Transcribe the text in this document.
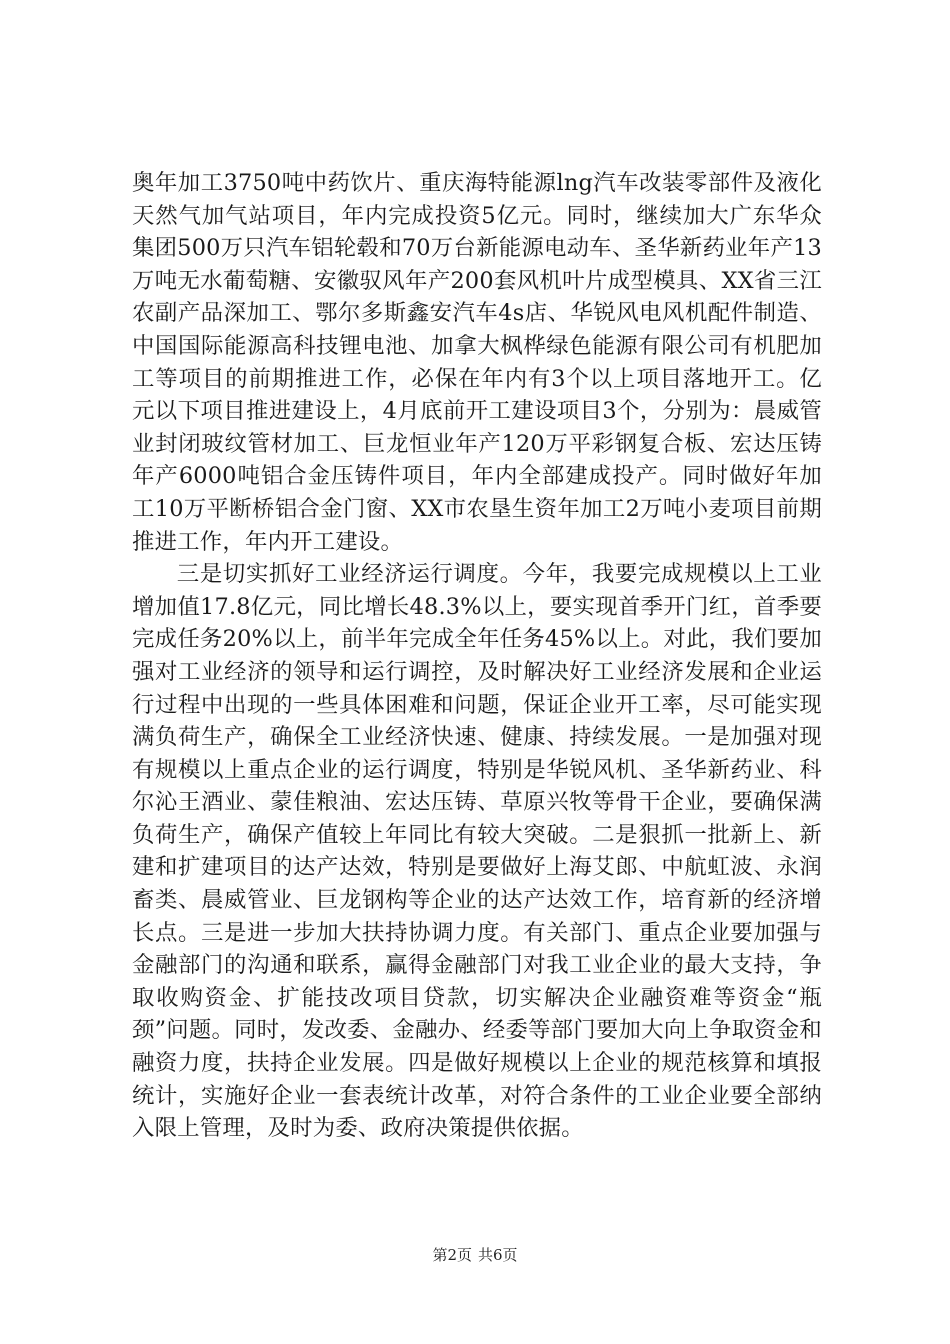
奥年加工3750吨中药饮片、重庆海特能源lng汽车改装零部件及液化天然气加气站项目，年内完成投资5亿元。同时，继续加大广东华众集团500万只汽车铝轮毂和70万台新能源电动车、圣华新药业年产13万吨无水葡萄糖、安徽驭风年产200套风机叶片成型模具、XX省三江农副产品深加工、鄂尔多斯鑫安汽车4s店、华锐风电风机配件制造、中国国际能源高科技锂电池、加拿大枫桦绿色能源有限公司有机肥加工等项目的前期推进工作，必保在年内有3个以上项目落地开工。亿元以下项目推进建设上，4月底前开工建设项目3个，分别为：晨威管业封闭玻纹管材加工、巨龙恒业年产120万平彩钢复合板、宏达压铸年产6000吨铝合金压铸件项目，年内全部建成投产。同时做好年加工10万平断桥铝合金门窗、XX市农垦生资年加工2万吨小麦项目前期推进工作，年内开工建设。

三是切实抓好工业经济运行调度。今年，我要完成规模以上工业增加值17.8亿元，同比增长48.3%以上，要实现首季开门红，首季要完成任务20%以上，前半年完成全年任务45%以上。对此，我们要加强对工业经济的领导和运行调控，及时解决好工业经济发展和企业运行过程中出现的一些具体困难和问题，保证企业开工率，尽可能实现满负荷生产，确保全工业经济快速、健康、持续发展。一是加强对现有规模以上重点企业的运行调度，特别是华锐风机、圣华新药业、科尔沁王酒业、蒙佳粮油、宏达压铸、草原兴牧等骨干企业，要确保满负荷生产，确保产值较上年同比有较大突破。二是狠抓一批新上、新建和扩建项目的达产达效，特别是要做好上海艾郎、中航虹波、永润畜类、晨威管业、巨龙钢构等企业的达产达效工作，培育新的经济增长点。三是进一步加大扶持协调力度。有关部门、重点企业要加强与金融部门的沟通和联系，赢得金融部门对我工业企业的最大支持，争取收购资金、扩能技改项目贷款，切实解决企业融资难等资金“瓶颈”问题。同时，发改委、金融办、经委等部门要加大向上争取资金和融资力度，扶持企业发展。四是做好规模以上企业的规范核算和填报统计，实施好企业一套表统计改革，对符合条件的工业企业要全部纳入限上管理，及时为委、政府决策提供依据。

第2页 共6页
